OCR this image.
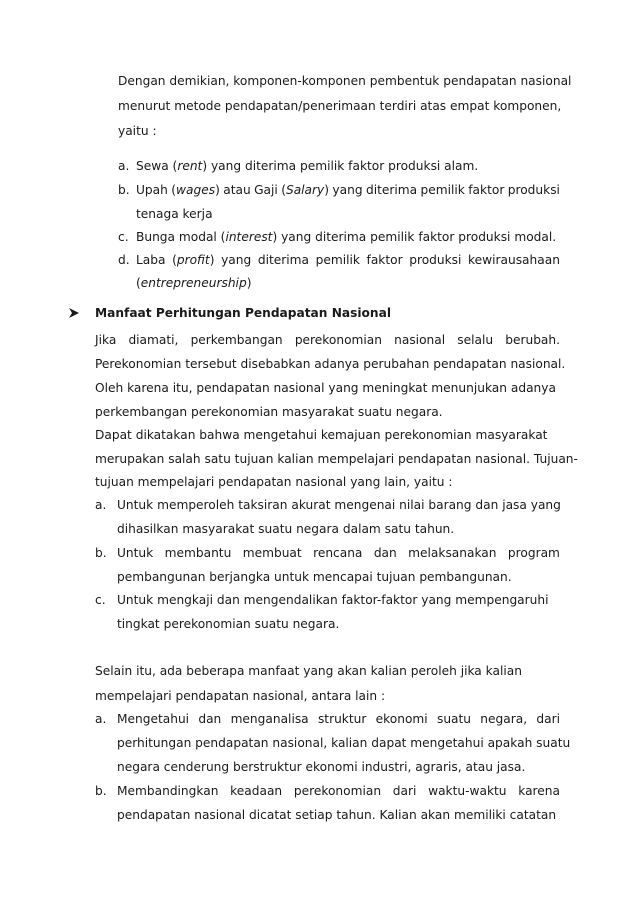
Dengan demikian, komponen-komponen pembentuk pendapatan nasional
menurut metode pendapatan/penerimaan terdiri atas empat komponen,
yaitu :
a. Sewa (rent) yang diterima pemilik faktor produksi alam.
b. Upah (wages) atau Gaji (Salary) yang diterima pemilik faktor produksi
tenaga kerja
c. Bunga modal (interest) yang diterima pemilik faktor produksi modal.
d. Laba (profit) yang diterima pemilik faktor produksi kewirausahaan
(entrepreneurship)
Manfaat Perhitungan Pendapatan Nasional
Jika diamati, perkembangan perekonomian nasional selalu berubah.
Perekonomian tersebut disebabkan adanya perubahan pendapatan nasional.
Oleh karena itu, pendapatan nasional yang meningkat menunjukan adanya
perkembangan perekonomian masyarakat suatu negara.
Dapat dikatakan bahwa mengetahui kemajuan perekonomian masyarakat
merupakan salah satu tujuan kalian mempelajari pendapatan nasional. Tujuan-
tujuan mempelajari pendapatan nasional yang lain, yaitu :
a. Untuk memperoleh taksiran akurat mengenai nilai barang dan jasa yang
dihasilkan masyarakat suatu negara dalam satu tahun.
b. Untuk membantu membuat rencana dan melaksanakan program
pembangunan berjangka untuk mencapai tujuan pembangunan.
c. Untuk mengkaji dan mengendalikan faktor-faktor yang mempengaruhi
tingkat perekonomian suatu negara.
Selain itu, ada beberapa manfaat yang akan kalian peroleh jika kalian
mempelajari pendapatan nasional, antara lain :
a. Mengetahui dan menganalisa struktur ekonomi suatu negara, dari
perhitungan pendapatan nasional, kalian dapat mengetahui apakah suatu
negara cenderung berstruktur ekonomi industri, agraris, atau jasa.
b. Membandingkan keadaan perekonomian dari waktu-waktu karena
pendapatan nasional dicatat setiap tahun. Kalian akan memiliki catatan
